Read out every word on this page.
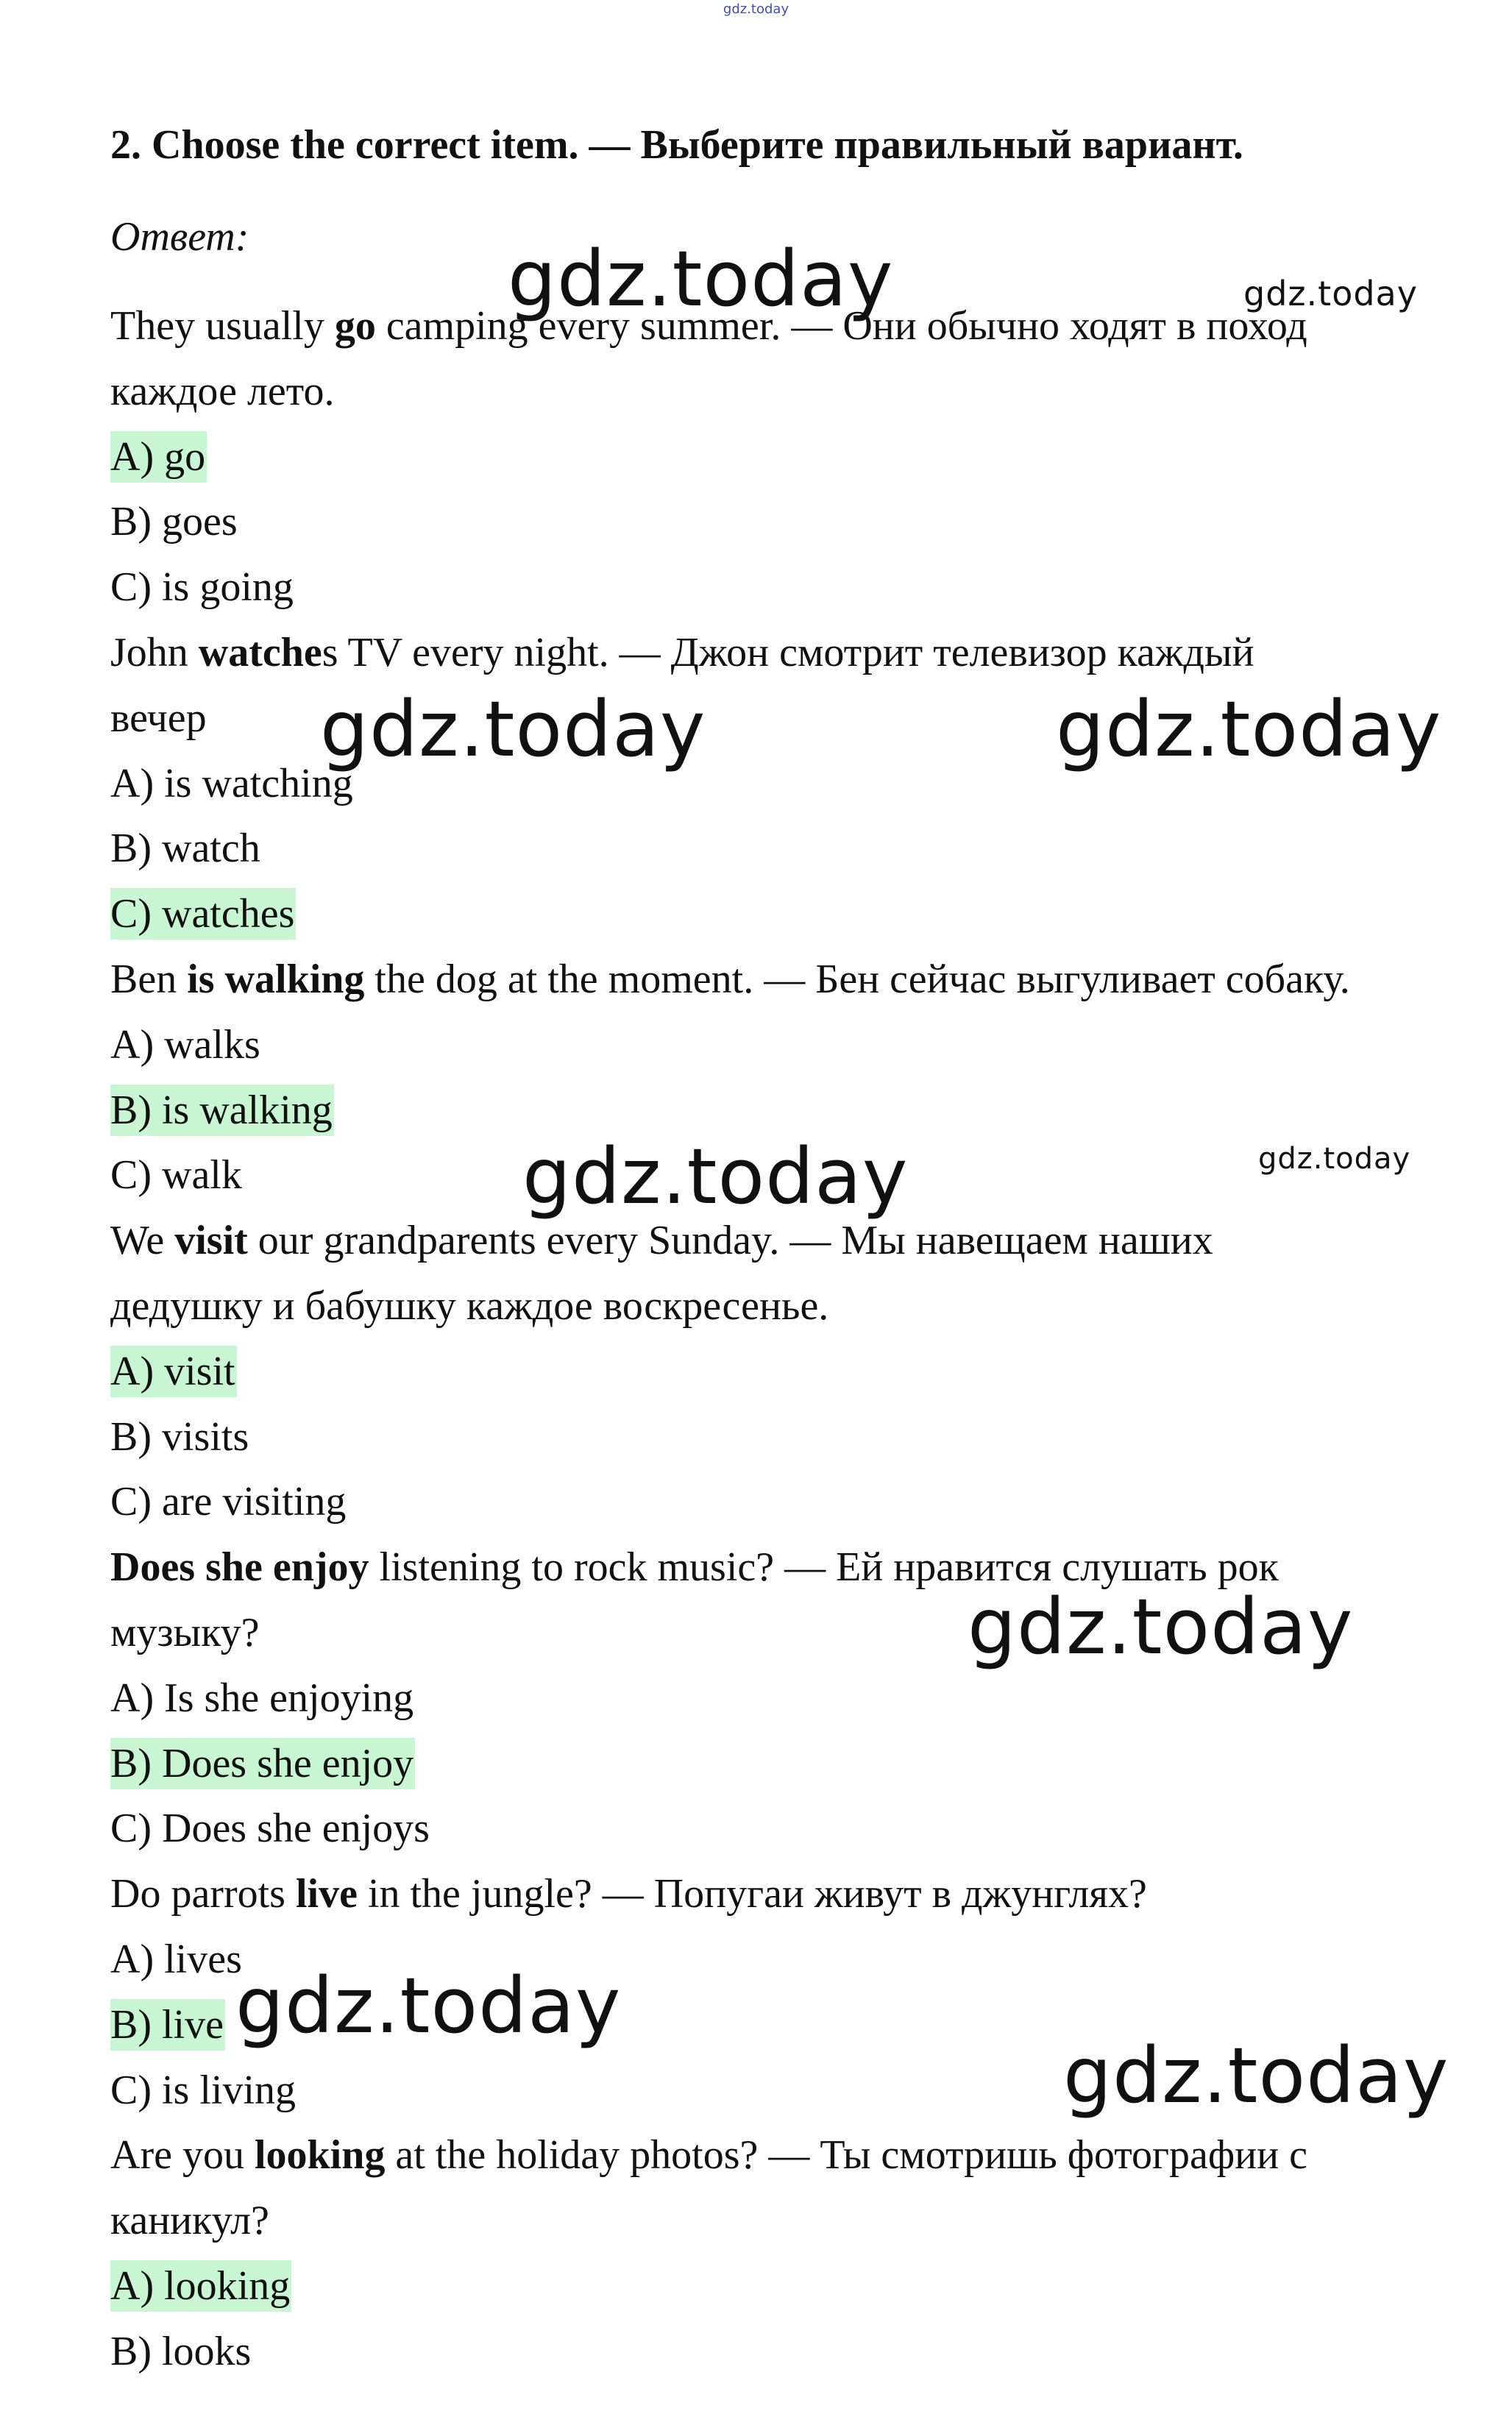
gdz.today
2. Choose the correct item. — Выберите правильный вариант.
Ответ:
They usually go camping every summer. — Они обычно ходят в поход
каждое лето.
A) go
B) goes
C) is going
John watches TV every night. — Джон смотрит телевизор каждый
вечер
A) is watching
B) watch
C) watches
Ben is walking the dog at the moment. — Бен сейчас выгуливает собаку.
A) walks
B) is walking
C) walk
We visit our grandparents every Sunday. — Мы навещаем наших
дедушку и бабушку каждое воскресенье.
A) visit
B) visits
C) are visiting
Does she enjoy listening to rock music? — Ей нравится слушать рок
музыку?
A) Is she enjoying
B) Does she enjoy
C) Does she enjoys
Do parrots live in the jungle? — Попугаи живут в джунглях?
A) lives
B) live
C) is living
Are you looking at the holiday photos? — Ты смотришь фотографии с
каникул?
A) looking
B) looks
gdz.today	gdz.today
gdz.today	gdz.today
gdz.today	gdz.today
gdz.today
gdz.today
gdz.today
